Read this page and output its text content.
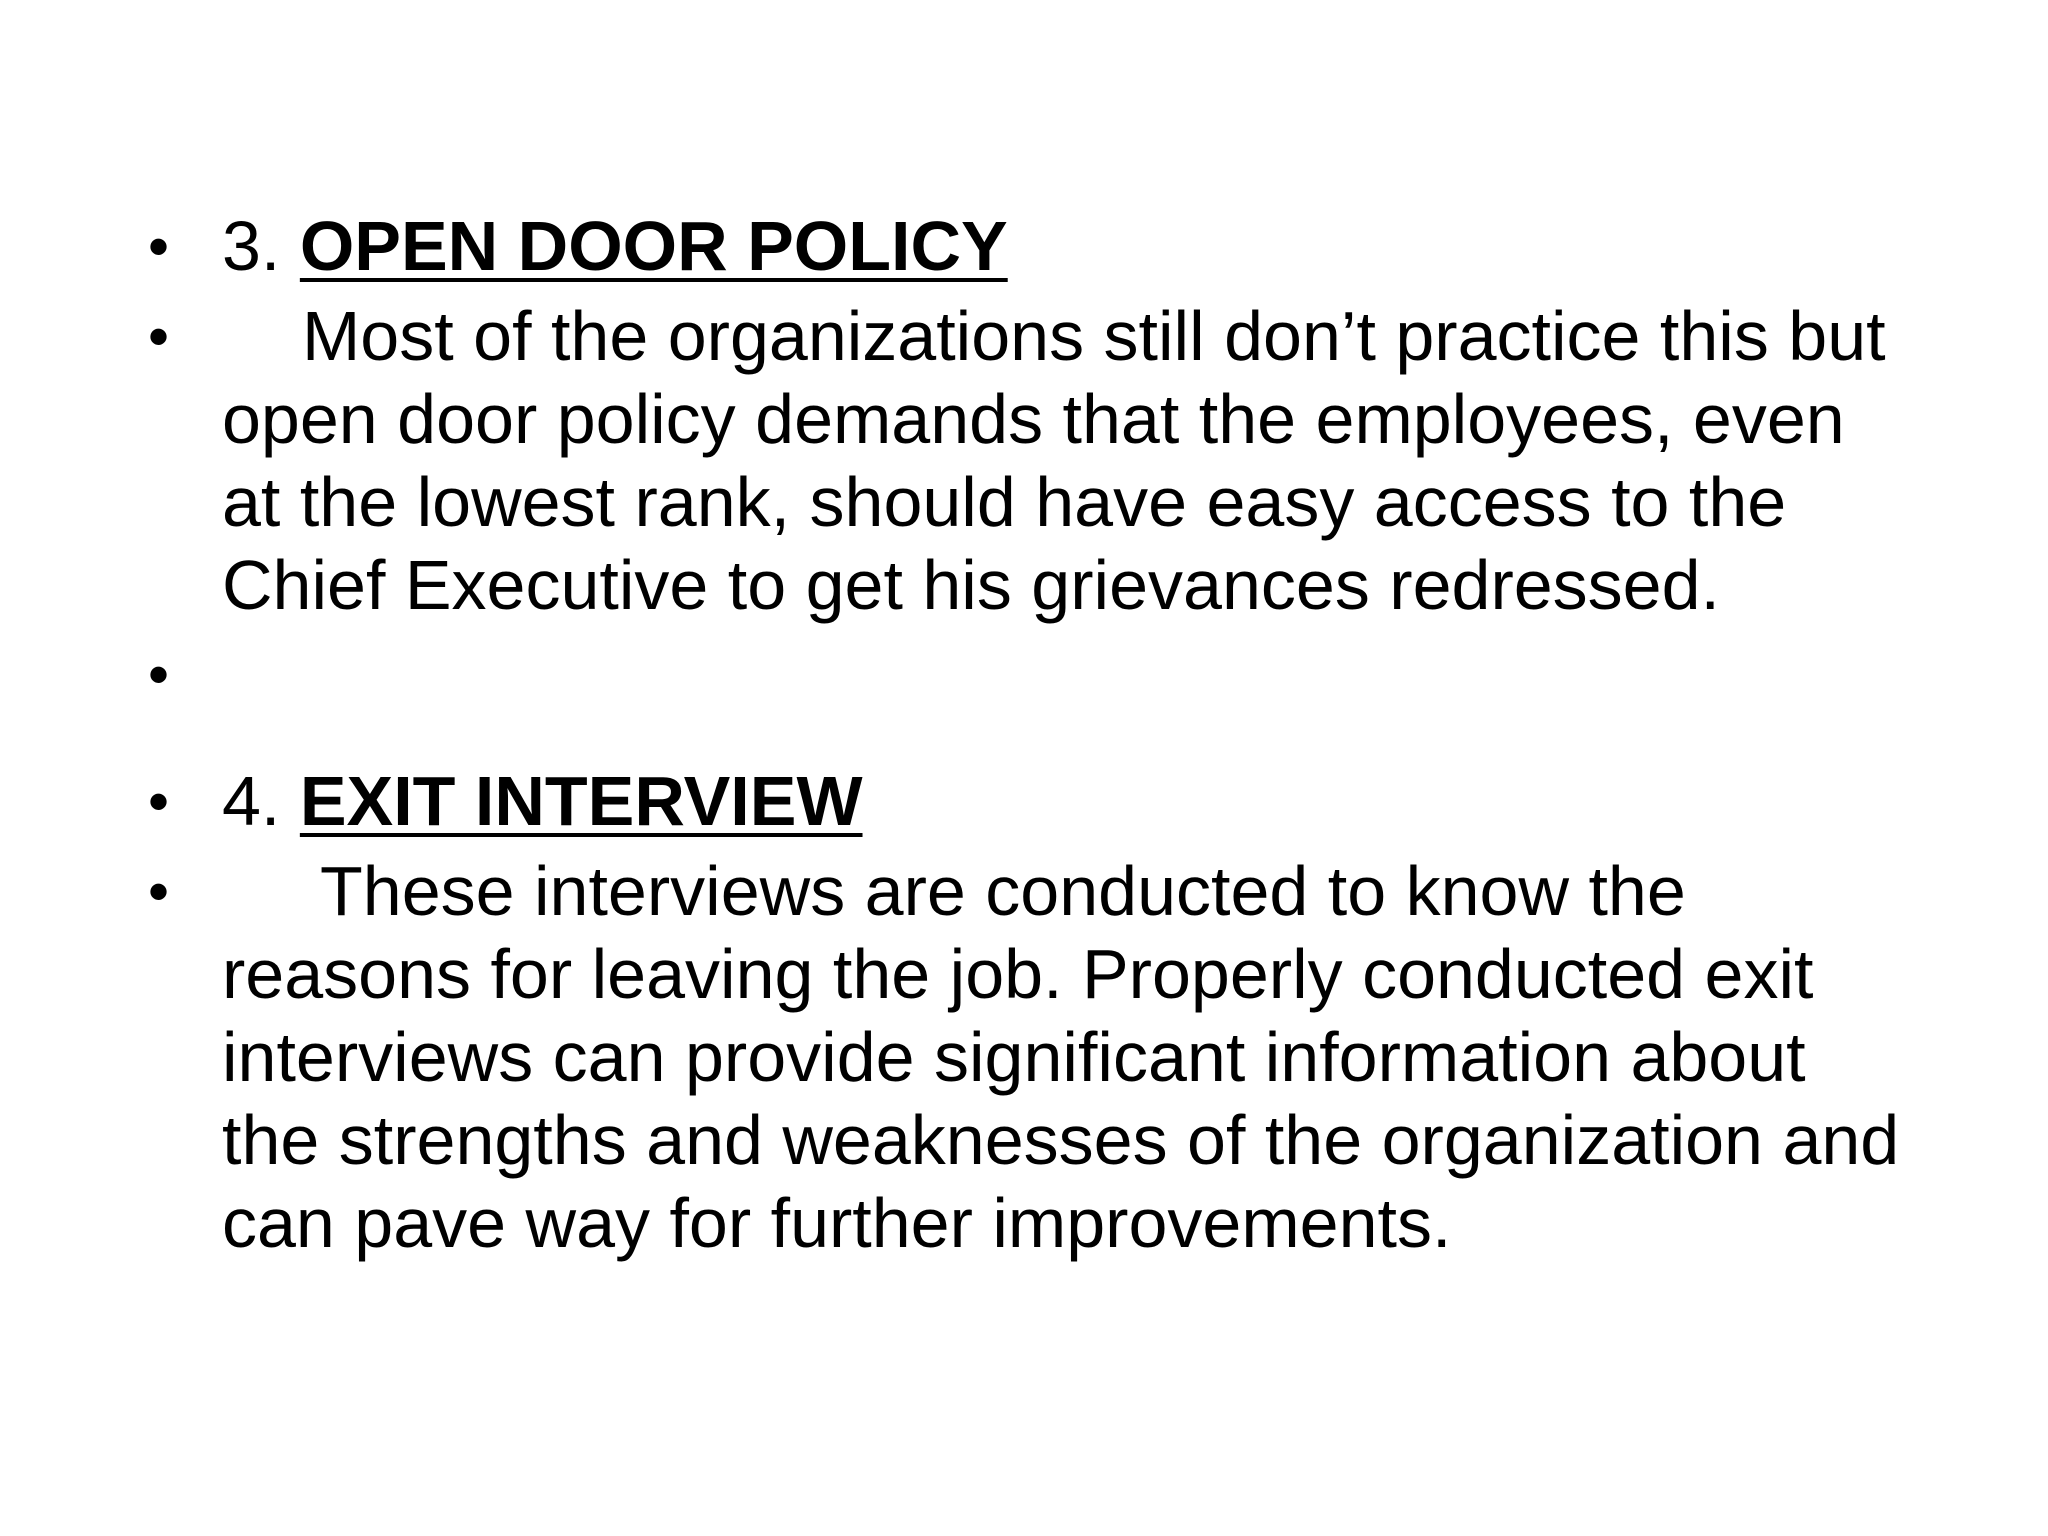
• 3. OPEN DOOR POLICY
•	Most of the organizations still don’t practice this but open door policy demands that the employees, even at the lowest rank, should have easy access to the Chief Executive to get his grievances redressed.
•
• 4. EXIT INTERVIEW
•	These interviews are conducted to know the reasons for leaving the job. Properly conducted exit interviews can provide significant information about the strengths and weaknesses of the organization and can pave way for further improvements.
